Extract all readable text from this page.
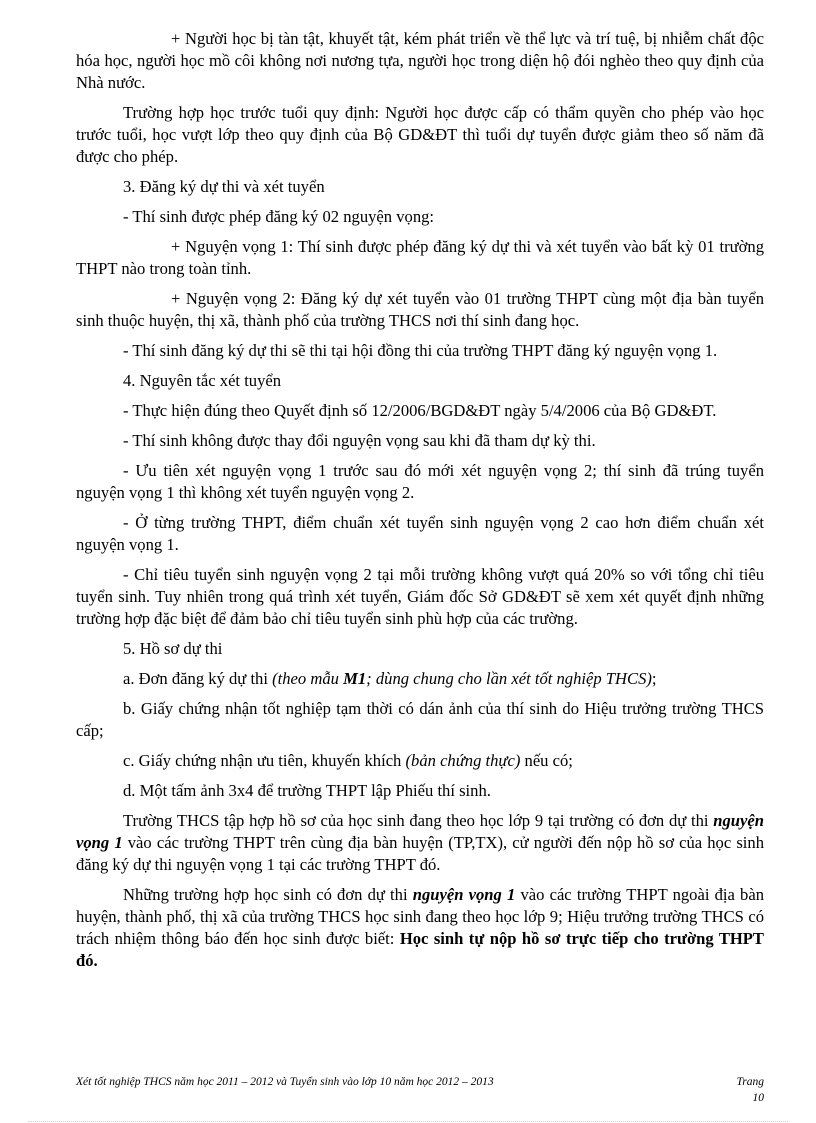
+ Người học bị tàn tật, khuyết tật, kém phát triển về thể lực và trí tuệ, bị nhiễm chất độc hóa học, người học mồ côi không nơi nương tựa, người học trong diện hộ đói nghèo theo quy định của Nhà nước.

Trường hợp học trước tuổi quy định: Người học được cấp có thẩm quyền cho phép vào học trước tuổi, học vượt lớp theo quy định của Bộ GD&ĐT thì tuổi dự tuyển được giảm theo số năm đã được cho phép.

3. Đăng ký dự thi và xét tuyển

- Thí sinh được phép đăng ký 02 nguyện vọng:

+ Nguyện vọng 1: Thí sinh được phép đăng ký dự thi và xét tuyển vào bất kỳ 01 trường THPT nào trong toàn tỉnh.

+ Nguyện vọng 2: Đăng ký dự xét tuyển vào 01 trường THPT cùng một địa bàn tuyển sinh thuộc huyện, thị xã, thành phố của trường THCS nơi thí sinh đang học.

- Thí sinh đăng ký dự thi sẽ thi tại hội đồng thi của trường THPT đăng ký nguyện vọng 1.

4. Nguyên tắc xét tuyển

- Thực hiện đúng theo Quyết định số 12/2006/BGD&ĐT ngày 5/4/2006 của Bộ GD&ĐT.

- Thí sinh không được thay đổi nguyện vọng sau khi đã tham dự kỳ thi.

- Ưu tiên xét nguyện vọng 1 trước sau đó mới xét nguyện vọng 2; thí sinh đã trúng tuyển nguyện vọng 1 thì không xét tuyển nguyện vọng 2.

- Ở từng trường THPT, điểm chuẩn xét tuyển sinh nguyện vọng 2 cao hơn điểm chuẩn xét nguyện vọng 1.

- Chỉ tiêu tuyển sinh nguyện vọng 2 tại mỗi trường không vượt quá 20% so với tổng chỉ tiêu tuyển sinh. Tuy nhiên trong quá trình xét tuyển, Giám đốc Sở GD&ĐT sẽ xem xét quyết định những trường hợp đặc biệt để đảm bảo chỉ tiêu tuyển sinh phù hợp của các trường.

5. Hồ sơ dự thi

a. Đơn đăng ký dự thi (theo mẫu M1; dùng chung cho lần xét tốt nghiệp THCS);

b. Giấy chứng nhận tốt nghiệp tạm thời có dán ảnh của thí sinh do Hiệu trưởng trường THCS cấp;

c. Giấy chứng nhận ưu tiên, khuyến khích (bản chứng thực) nếu có;

d. Một tấm ảnh 3x4 để trường THPT lập Phiếu thí sinh.

Trường THCS tập hợp hồ sơ của học sinh đang theo học lớp 9 tại trường có đơn dự thi nguyện vọng 1 vào các trường THPT trên cùng địa bàn huyện (TP,TX), cử người đến nộp hồ sơ của học sinh đăng ký dự thi nguyện vọng 1 tại các trường THPT đó.

Những trường hợp học sinh có đơn dự thi nguyện vọng 1 vào các trường THPT ngoài địa bàn huyện, thành phố, thị xã của trường THCS học sinh đang theo học lớp 9; Hiệu trưởng trường THCS có trách nhiệm thông báo đến học sinh được biết: Học sinh tự nộp hồ sơ trực tiếp cho trường THPT đó.

Xét tốt nghiệp THCS năm học 2011 – 2012 và Tuyển sinh vào lớp 10 năm học 2012 – 2013	Trang 10
